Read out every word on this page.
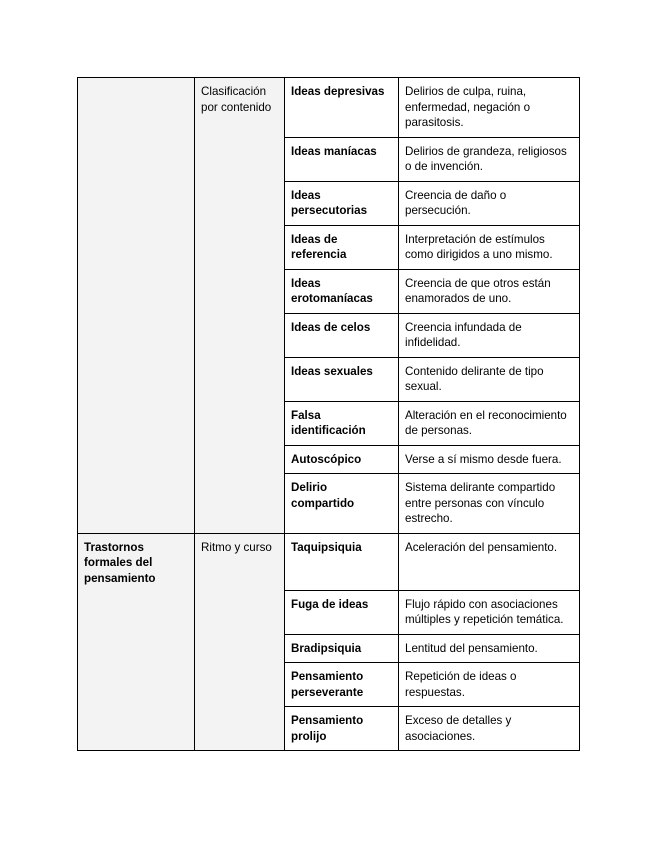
	Clasificación por contenido	Ideas depresivas	Delirios de culpa, ruina, enfermedad, negación o parasitosis.
		Ideas maníacas	Delirios de grandeza, religiosos o de invención.
		Ideas persecutorias	Creencia de daño o persecución.
		Ideas de referencia	Interpretación de estímulos como dirigidos a uno mismo.
		Ideas erotomaníacas	Creencia de que otros están enamorados de uno.
		Ideas de celos	Creencia infundada de infidelidad.
		Ideas sexuales	Contenido delirante de tipo sexual.
		Falsa identificación	Alteración en el reconocimiento de personas.
		Autoscópico	Verse a sí mismo desde fuera.
		Delirio compartido	Sistema delirante compartido entre personas con vínculo estrecho.
Trastornos formales del pensamiento	Ritmo y curso	Taquipsiquia	Aceleración del pensamiento.
		Fuga de ideas	Flujo rápido con asociaciones múltiples y repetición temática.
		Bradipsiquia	Lentitud del pensamiento.
		Pensamiento perseverante	Repetición de ideas o respuestas.
		Pensamiento prolijo	Exceso de detalles y asociaciones.
